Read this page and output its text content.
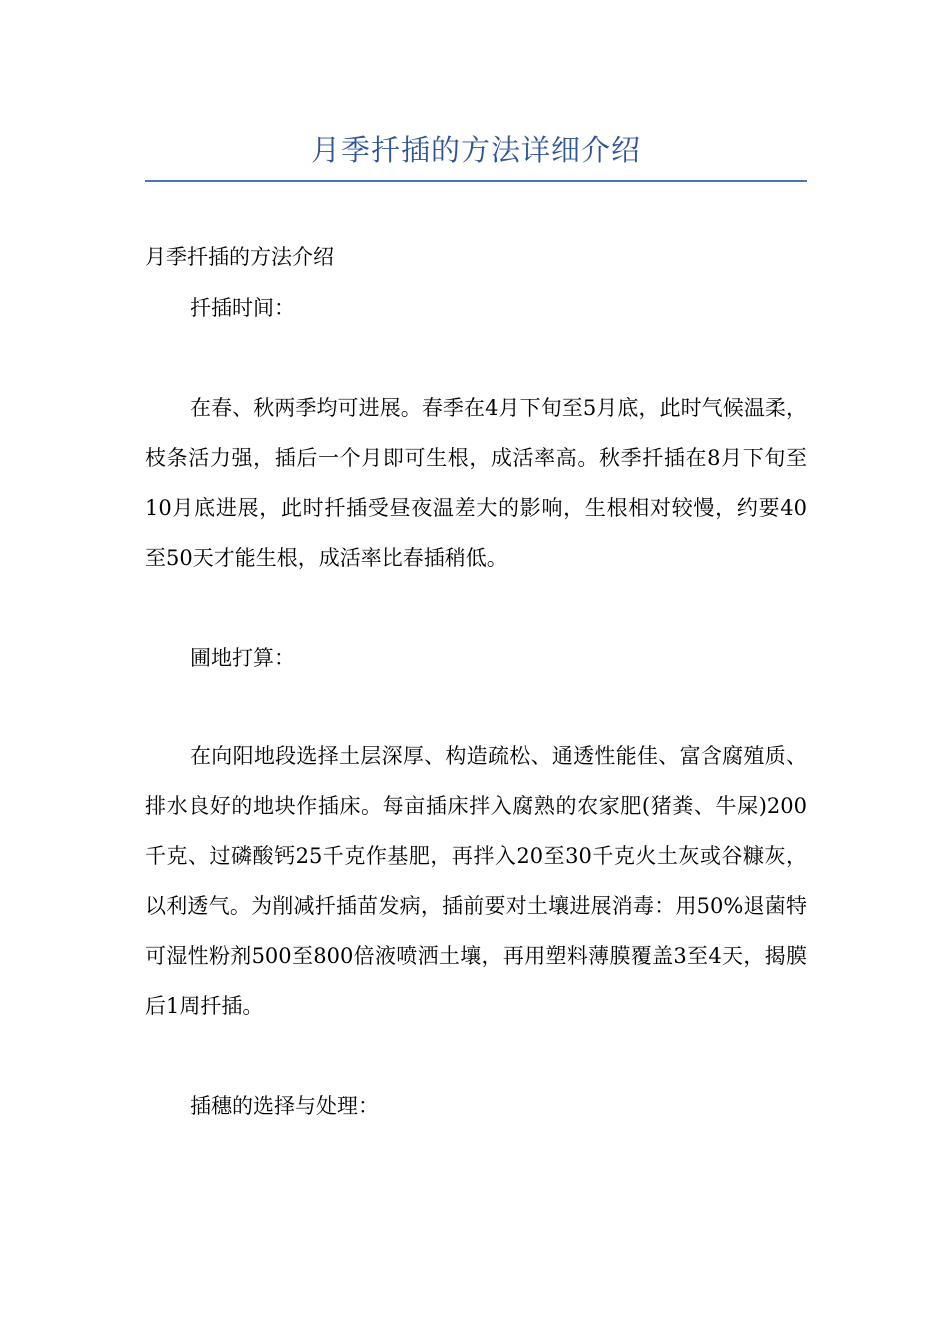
月季扦插的方法详细介绍
月季扦插的方法介绍
扦插时间：
在春、秋两季均可进展。春季在4月下旬至5月底，此时气候温柔，枝条活力强，插后一个月即可生根，成活率高。秋季扦插在8月下旬至10月底进展，此时扦插受昼夜温差大的影响，生根相对较慢，约要40至50天才能生根，成活率比春插稍低。
圃地打算：
在向阳地段选择土层深厚、构造疏松、通透性能佳、富含腐殖质、排水良好的地块作插床。每亩插床拌入腐熟的农家肥(猪粪、牛屎)200千克、过磷酸钙25千克作基肥，再拌入20至30千克火土灰或谷糠灰，以利透气。为削减扦插苗发病，插前要对土壤进展消毒：用50%退菌特可湿性粉剂500至800倍液喷洒土壤，再用塑料薄膜覆盖3至4天，揭膜后1周扦插。
插穗的选择与处理：
